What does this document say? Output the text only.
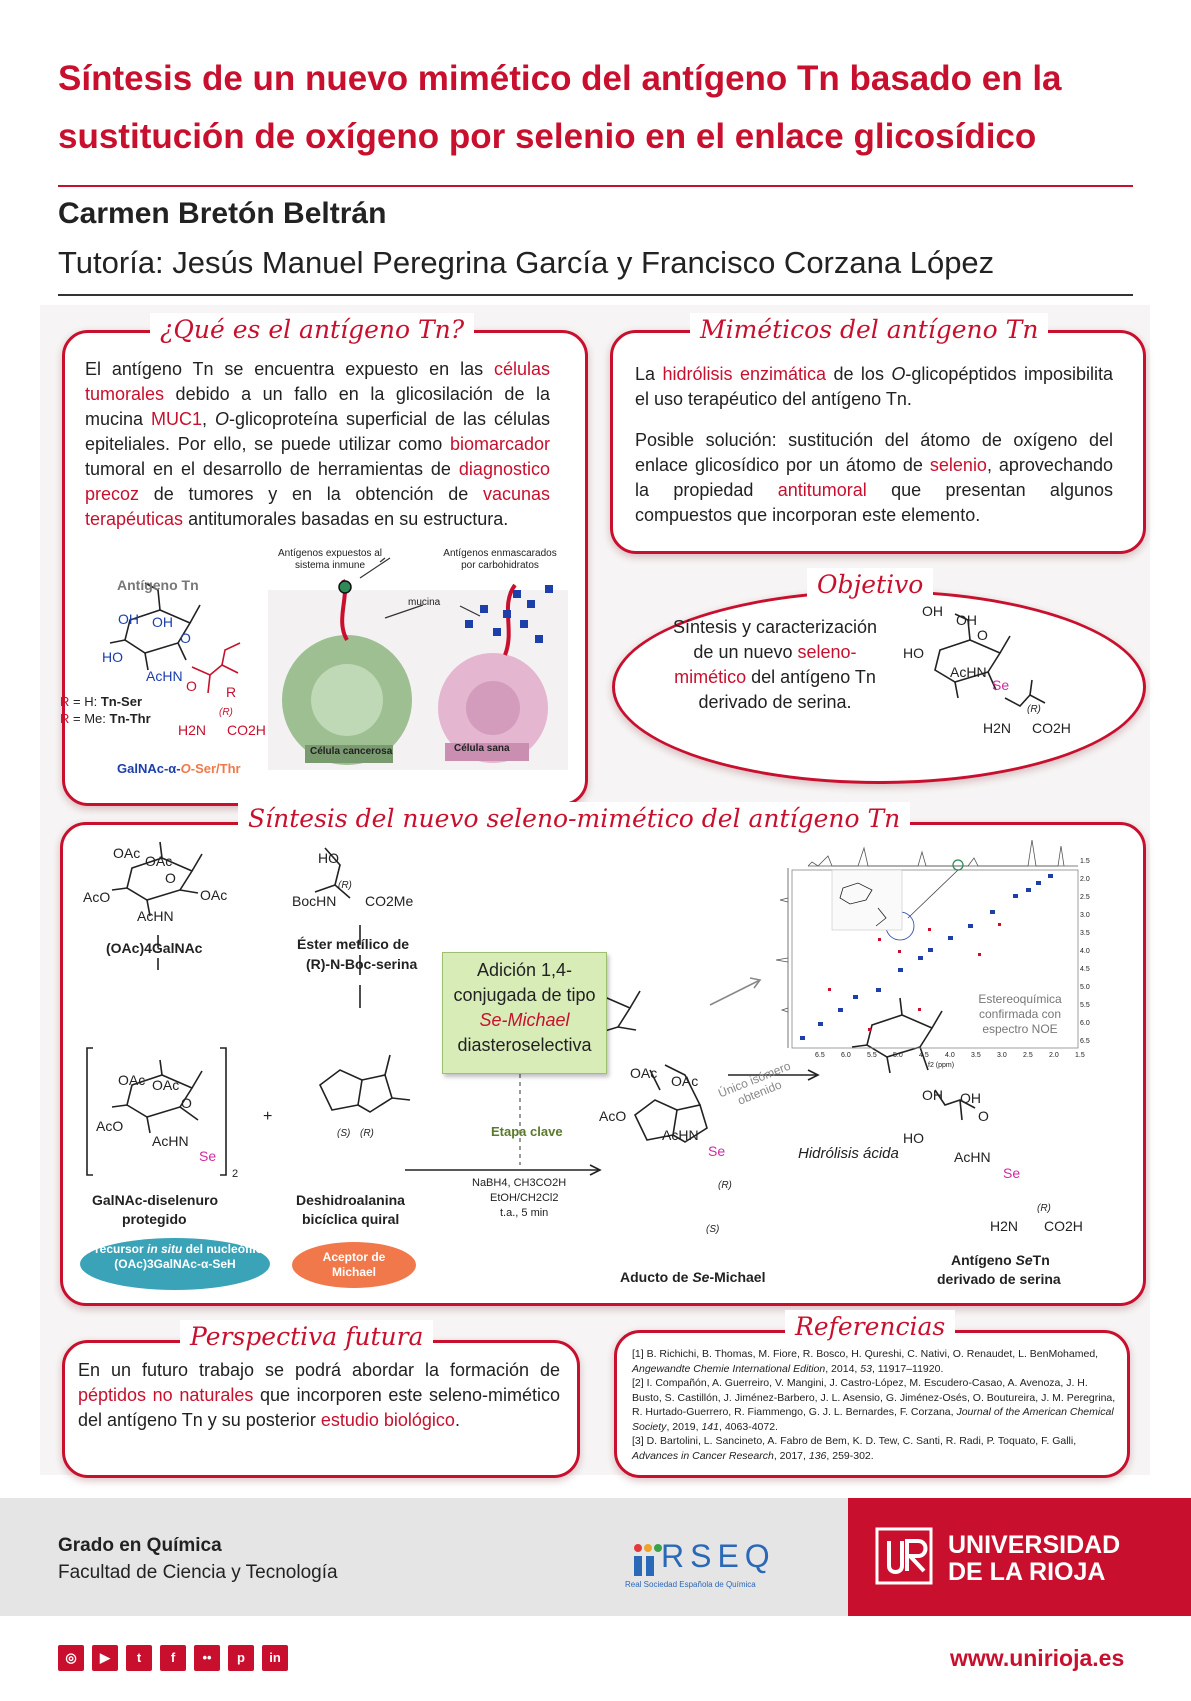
Síntesis de un nuevo mimético del antígeno Tn basado en la
sustitución de oxígeno por selenio en el enlace glicosídico
Carmen Bretón Beltrán
Tutoría: Jesús Manuel Peregrina García y Francisco Corzana López
¿Qué es el antígeno Tn?
El antígeno Tn se encuentra expuesto en las células tumorales debido a un fallo en la glicosilación de la mucina MUC1, O-glicoproteína superficial de las células epiteliales. Por ello, se puede utilizar como biomarcador tumoral en el desarrollo de herramientas de diagnostico precoz de tumores y en la obtención de vacunas terapéuticas antitumorales basadas en su estructura.
Antígeno Tn
OH OH
O
HO
AcHN
O R
(R)
H2N CO2H
R = H: Tn-Ser
R = Me: Tn-Thr
GalNAc-α-O-Ser/Thr
Antígenos expuestos al sistema inmune
Antígenos enmascarados por carbohidratos
mucina
Célula cancerosa	Célula sana
Miméticos del antígeno Tn
La hidrólisis enzimática de los O-glicopéptidos imposibilita el uso terapéutico del antígeno Tn.
Posible solución: sustitución del átomo de oxígeno del enlace glicosídico por un átomo de selenio, aprovechando la propiedad antitumoral que presentan algunos compuestos que incorporan este elemento.
Objetivo
Síntesis y caracterización de un nuevo seleno-mimético del antígeno Tn derivado de serina.
OH
OH
O
HO
AcHN
Se
(R)
H2N CO2H
Síntesis del nuevo seleno-mimético del antígeno Tn
OAc OAc
O
AcO	OAc
AcHN
(OAc)4GalNAc
HO
(R)
BocHN CO2Me
Éster metílico de
(R)-N-Boc-serina
OAc OAc
O
AcO
AcHN
Se
2
+
GalNAc-diselenuro
protegido
(S) (R)
Deshidroalanina
bicíclica quiral
Precursor in situ del nucleófilo
(OAc)3GalNAc-α-SeH	Aceptor de Michael
Adición 1,4-conjugada de tipo Se-Michael diasteroselectiva
Etapa clave
NaBH4, CH3CO2H
EtOH/CH2Cl2
t.a., 5 min
OAc OAc
AcO
AcHN
Se
(R)
(S)
Aducto de Se-Michael
Único isómero obtenido
Hidrólisis ácida
OH OH
O
HO
AcHN
Se
(R)
H2N CO2H
Antígeno SeTn
derivado de serina
Estereoquímica confirmada con espectro NOE
f2 (ppm)
6.5 6.0 5.5 5.0 4.5 4.0 3.5 3.0 2.5 2.0 1.5
1.5
2.0
2.5
3.0
3.5
4.0
4.5
5.0
5.5
6.0
6.5
Perspectiva futura
En un futuro trabajo se podrá abordar la formación de péptidos no naturales que incorporen este seleno-mimético del antígeno Tn y su posterior estudio biológico.
Referencias
[1] B. Richichi, B. Thomas, M. Fiore, R. Bosco, H. Qureshi, C. Nativi, O. Renaudet, L. BenMohamed, Angewandte Chemie International Edition, 2014, 53, 11917–11920.
[2] I. Compañón, A. Guerreiro, V. Mangini, J. Castro-López, M. Escudero-Casao, A. Avenoza, J. H. Busto, S. Castillón, J. Jiménez-Barbero, J. L. Asensio, G. Jiménez-Osés, O. Boutureira, J. M. Peregrina, R. Hurtado-Guerrero, R. Fiammengo, G. J. L. Bernardes, F. Corzana, Journal of the American Chemical Society, 2019, 141, 4063-4072.
[3] D. Bartolini, L. Sancineto, A. Fabro de Bem, K. D. Tew, C. Santi, R. Radi, P. Toquato, F. Galli, Advances in Cancer Research, 2017, 136, 259-302.
Grado en Química
Facultad de Ciencia y Tecnología	RSEQ
Real Sociedad Española de Química
UNIVERSIDAD
DE LA RIOJA
◎	▶	t	f	••	p	in	www.unirioja.es
